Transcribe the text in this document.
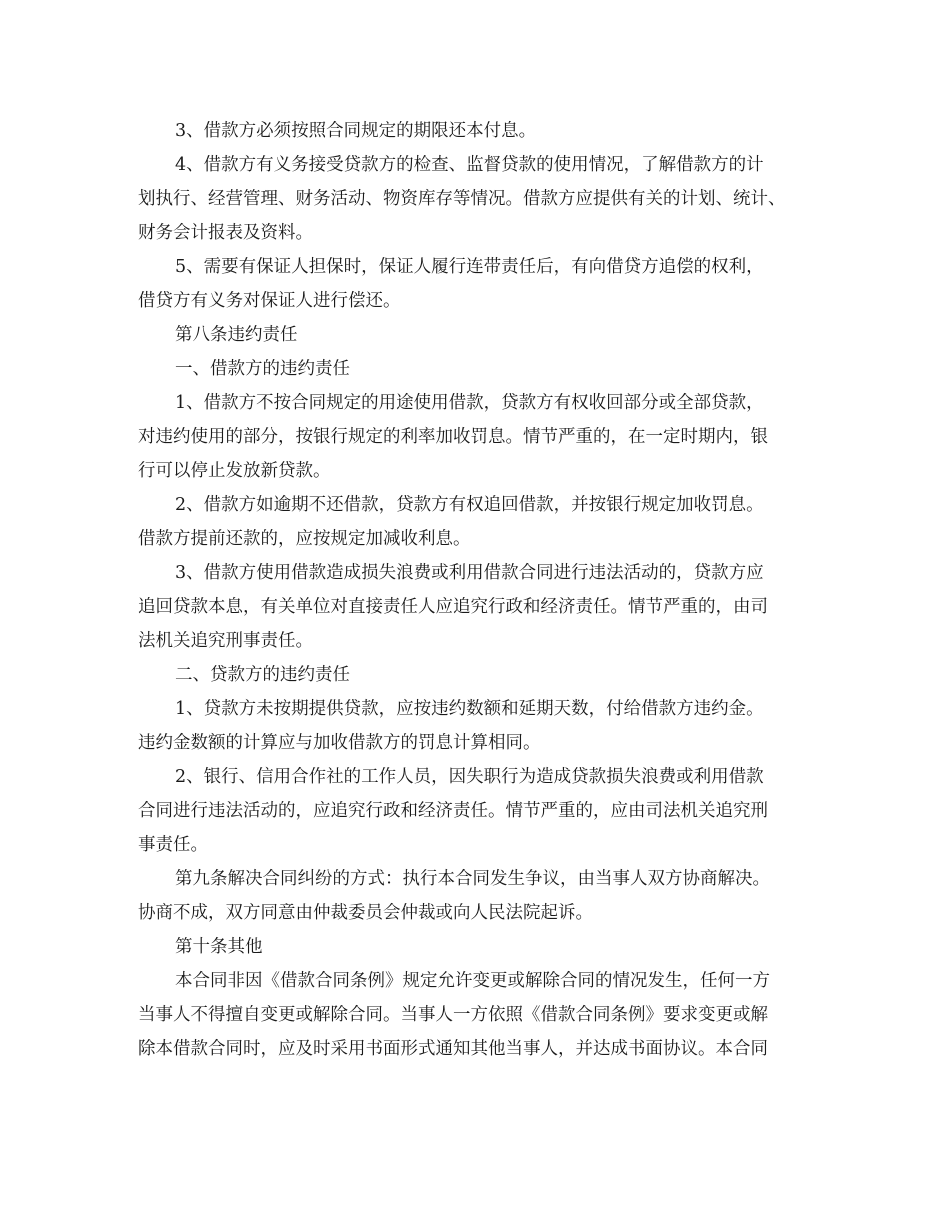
3、借款方必须按照合同规定的期限还本付息。
4、借款方有义务接受贷款方的检查、监督贷款的使用情况，了解借款方的计
划执行、经营管理、财务活动、物资库存等情况。借款方应提供有关的计划、统计、
财务会计报表及资料。
5、需要有保证人担保时，保证人履行连带责任后，有向借贷方追偿的权利，
借贷方有义务对保证人进行偿还。
第八条违约责任
一、借款方的违约责任
1、借款方不按合同规定的用途使用借款，贷款方有权收回部分或全部贷款，
对违约使用的部分，按银行规定的利率加收罚息。情节严重的，在一定时期内，银
行可以停止发放新贷款。
2、借款方如逾期不还借款，贷款方有权追回借款，并按银行规定加收罚息。
借款方提前还款的，应按规定加减收利息。
3、借款方使用借款造成损失浪费或利用借款合同进行违法活动的，贷款方应
追回贷款本息，有关单位对直接责任人应追究行政和经济责任。情节严重的，由司
法机关追究刑事责任。
二、贷款方的违约责任
1、贷款方未按期提供贷款，应按违约数额和延期天数，付给借款方违约金。
违约金数额的计算应与加收借款方的罚息计算相同。
2、银行、信用合作社的工作人员，因失职行为造成贷款损失浪费或利用借款
合同进行违法活动的，应追究行政和经济责任。情节严重的，应由司法机关追究刑
事责任。
第九条解决合同纠纷的方式：执行本合同发生争议，由当事人双方协商解决。
协商不成，双方同意由仲裁委员会仲裁或向人民法院起诉。
第十条其他
本合同非因《借款合同条例》规定允许变更或解除合同的情况发生，任何一方
当事人不得擅自变更或解除合同。当事人一方依照《借款合同条例》要求变更或解
除本借款合同时，应及时采用书面形式通知其他当事人，并达成书面协议。本合同
